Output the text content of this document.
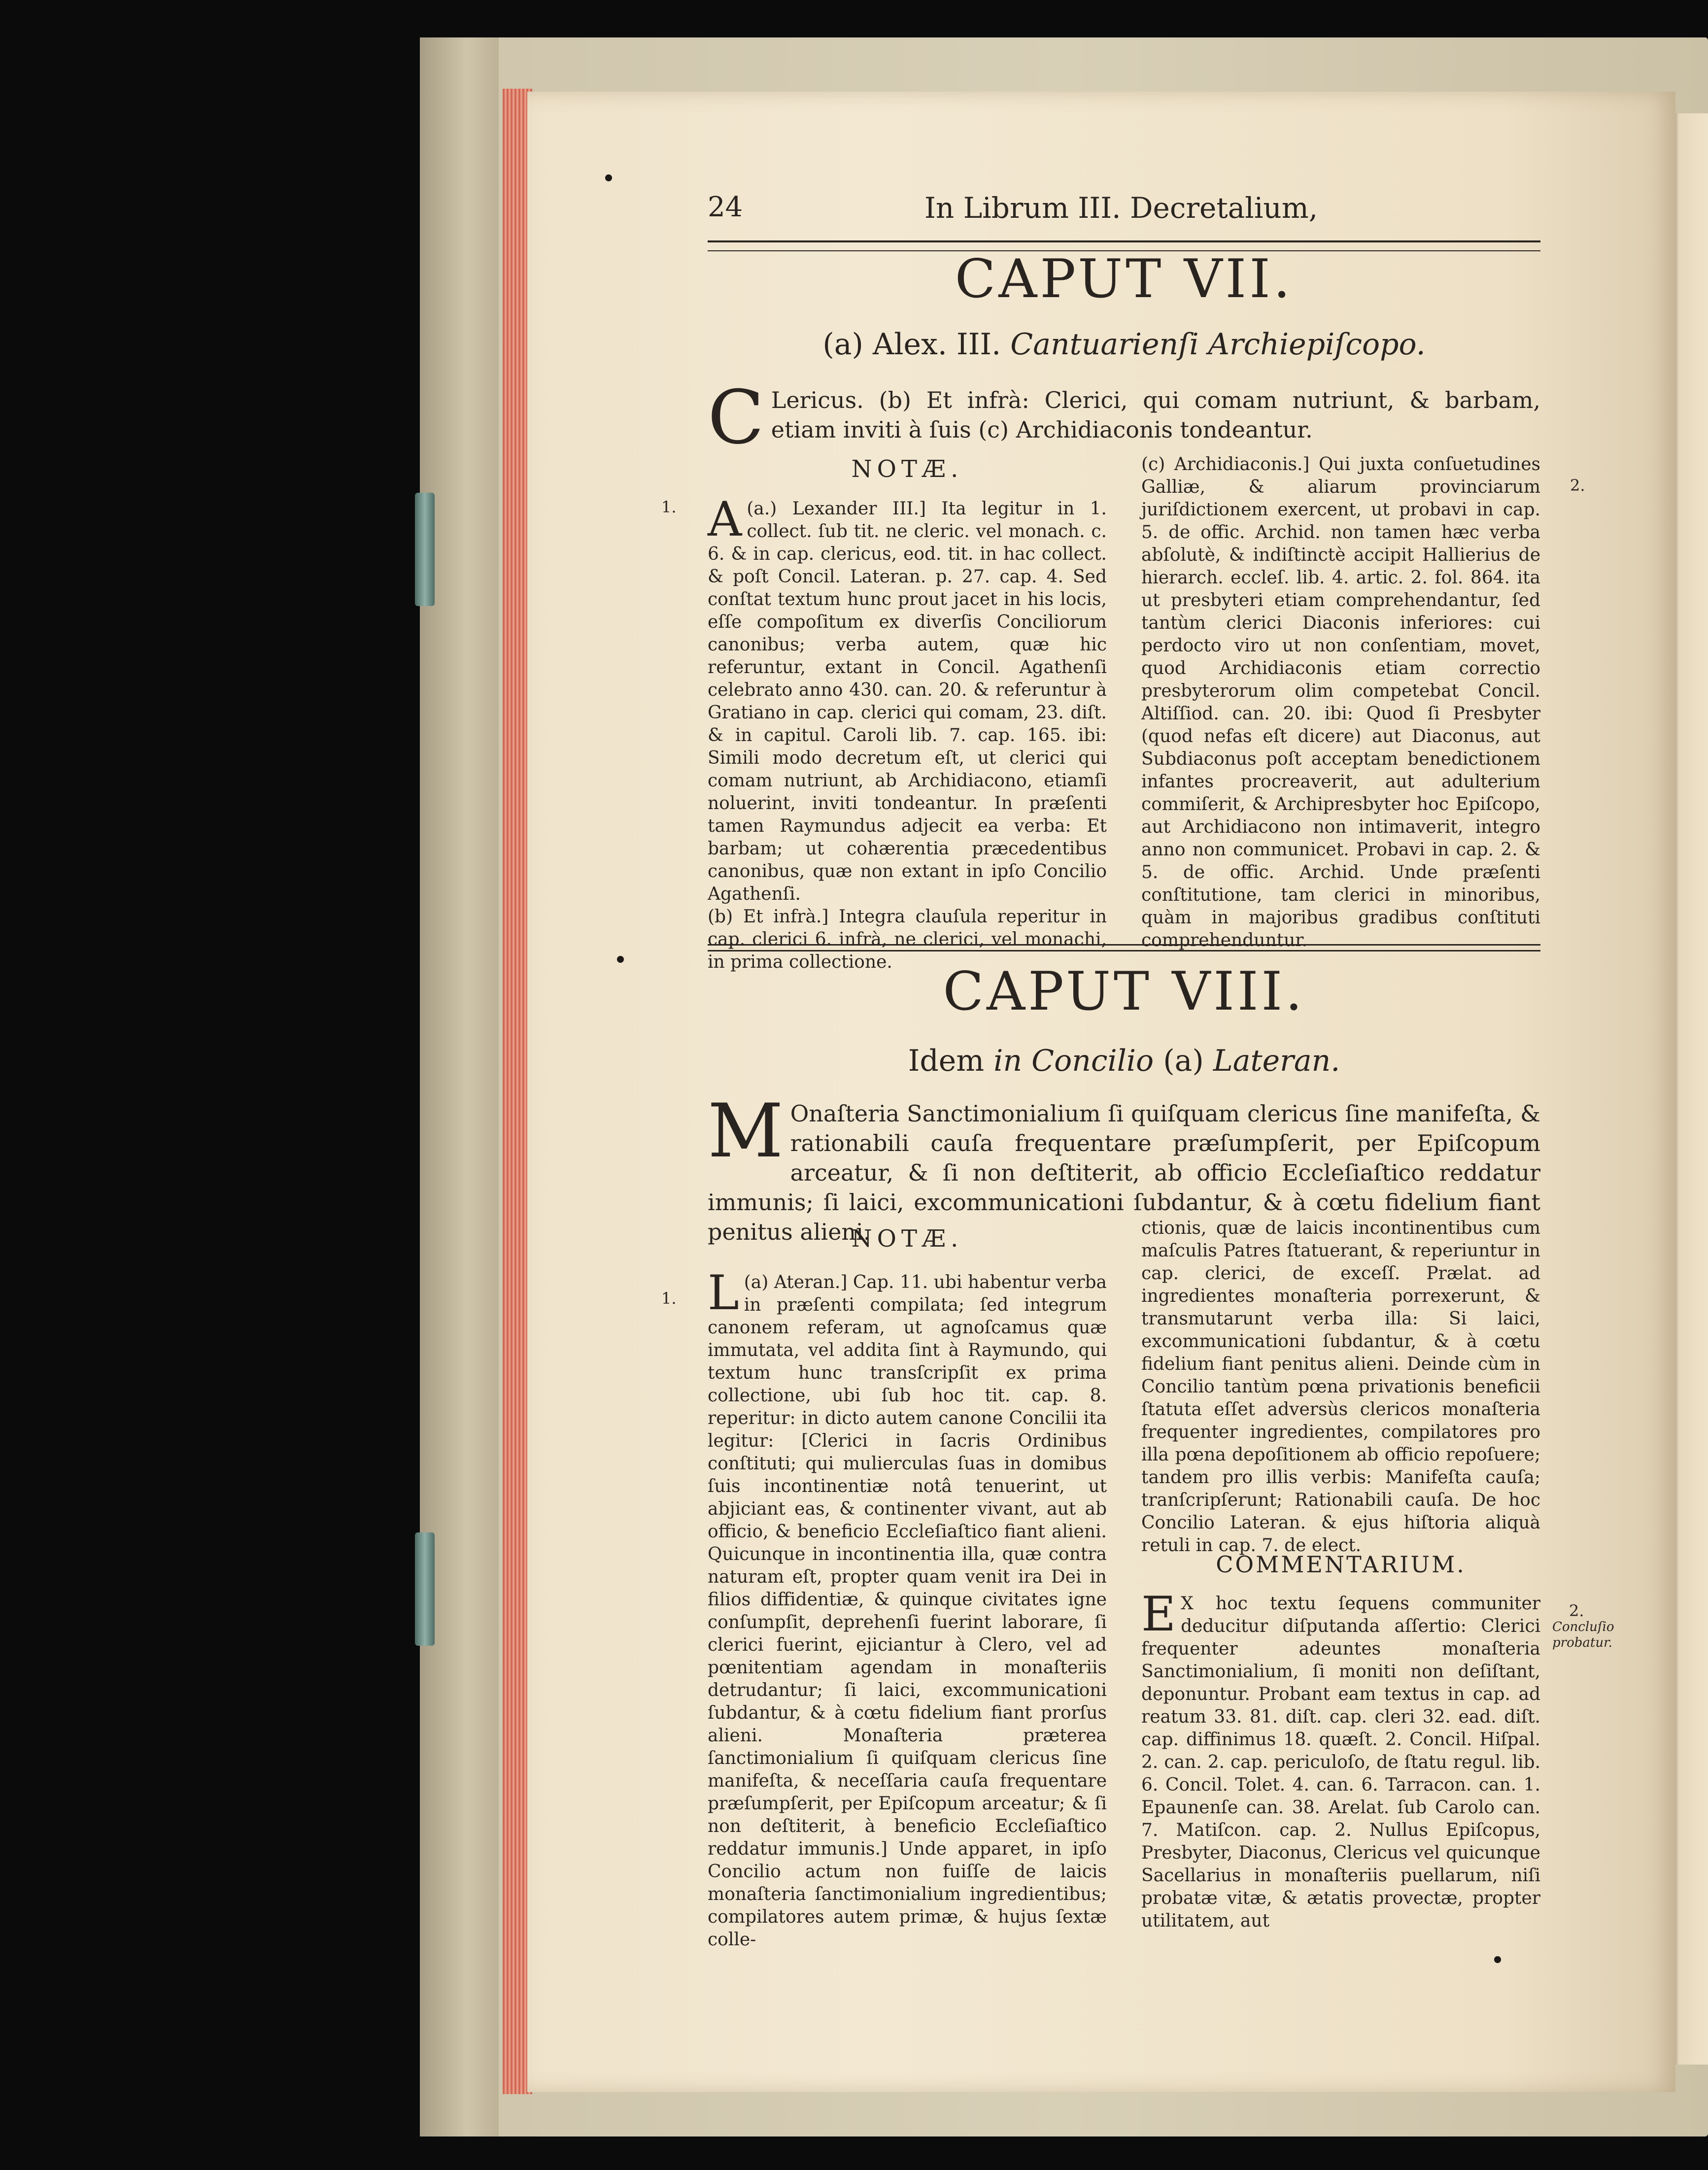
24	In Librum III. Decretalium,
CAPUT VII.
(a) Alex. III. Cantuarienſi Archiepiſcopo.
C Lericus. (b) Et infrà: Clerici, qui comam nutriunt, & barbam, etiam inviti à ſuis (c) Archidiaconis tondeantur.
NOTÆ.
1.
2.

(a.)
A	Lexander III.] Ita legitur in 1. collect. ſub tit. ne cleric. vel monach. c. 6. & in cap. clericus, eod. tit. in hac collect. & poſt Concil. Lateran. p. 27. cap. 4. Sed conſtat textum hunc prout jacet in his locis, eſſe compoſitum ex diverſis Conciliorum canonibus; verba autem, quæ hic referuntur, extant in Concil. Agathenſi celebrato anno 430. can. 20. & referuntur à Gratiano in cap. clerici qui comam, 23. diſt. & in capitul. Caroli lib. 7. cap. 165. ibi: Simili modo decretum eſt, ut clerici qui comam nutriunt, ab Archidiacono, etiamſi noluerint, inviti tondeantur. In præſenti tamen Raymundus adjecit ea verba: Et barbam; ut cohærentia præcedentibus canonibus, quæ non extant in ipſo Concilio Agathenſi.

(b) Et infrà.] Integra clauſula reperitur in cap. clerici 6. infrà, ne clerici, vel monachi, in prima collectione.

(c) Archidiaconis.] Qui juxta conſuetudines Galliæ, & aliarum provinciarum juriſdictionem exercent, ut probavi in cap. 5. de offic. Archid. non tamen hæc verba abſolutè, & indiſtinctè accipit Hallierius de hierarch. eccleſ. lib. 4. artic. 2. fol. 864. ita ut presbyteri etiam comprehendantur, ſed tantùm clerici Diaconis inferiores: cui perdocto viro ut non conſentiam, movet, quod Archidiaconis etiam correctio presbyterorum olim competebat Concil. Altiſſiod. can. 20. ibi: Quod ſi Presbyter (quod nefas eſt dicere) aut Diaconus, aut Subdiaconus poſt acceptam benedictionem infantes procreaverit, aut adulterium commiſerit, & Archipresbyter hoc Epiſcopo, aut Archidiacono non intimaverit, integro anno non communicet. Probavi in cap. 2. & 5. de offic. Archid. Unde præſenti conſtitutione, tam clerici in minoribus, quàm in majoribus gradibus conſtituti comprehenduntur.

CAPUT VIII.
Idem in Concilio (a) Lateran.
M Onaſteria Sanctimonialium ſi quiſquam clericus ſine manifeſta, & rationabili cauſa frequentare præſumpſerit, per Epiſcopum arceatur, & ſi non deſtiterit, ab officio Eccleſiaſtico reddatur immunis; ſi laici, excommunicationi ſubdantur, & à cœtu fidelium fiant penitus alieni.
NOTÆ.
1.

(a)
L Ateran.] Cap. 11. ubi habentur verba in præſenti compilata; ſed integrum canonem referam, ut agnoſcamus quæ immutata, vel addita ſint à Raymundo, qui textum hunc transſcripſit ex prima collectione, ubi ſub hoc tit. cap. 8. reperitur: in dicto autem canone Concilii ita legitur: [Clerici in ſacris Ordinibus conſtituti; qui mulierculas ſuas in domibus ſuis incontinentiæ notâ tenuerint, ut abjiciant eas, & continenter vivant, aut ab officio, & beneficio Eccleſiaſtico fiant alieni. Quicunque in incontinentia illa, quæ contra naturam eſt, propter quam venit ira Dei in filios diffidentiæ, & quinque civitates igne conſumpſit, deprehenſi fuerint laborare, ſi clerici fuerint, ejiciantur à Clero, vel ad pœnitentiam agendam in monaſteriis detrudantur; ſi laici, excommunicationi ſubdantur, & à cœtu fidelium fiant prorſus alieni. Monaſteria præterea ſanctimonialium ſi quiſquam clericus ſine manifeſta, & neceſſaria cauſa frequentare præſumpſerit, per Epiſcopum arceatur; & ſi non deſtiterit, à beneficio Eccleſiaſtico reddatur immunis.] Unde apparet, in ipſo Concilio actum non fuiſſe de laicis monaſteria ſanctimonialium ingredientibus; compilatores autem primæ, & hujus ſextæ colle-

ctionis, quæ de laicis incontinentibus cum maſculis Patres ſtatuerant, & reperiuntur in cap. clerici, de exceſſ. Prælat. ad ingredientes monaſteria porrexerunt, & transmutarunt verba illa: Si laici, excommunicationi ſubdantur, & à cœtu fidelium fiant penitus alieni. Deinde cùm in Concilio tantùm pœna privationis beneficii ſtatuta eſſet adversùs clericos monaſteria frequenter ingredientes, compilatores pro illa pœna depoſitionem ab officio repoſuere; tandem pro illis verbis: Manifeſta cauſa; tranſcripſerunt; Rationabili cauſa. De hoc Concilio Lateran. & ejus hiſtoria aliquà retuli in cap. 7. de elect.

COMMENTARIUM.

E X hoc textu ſequens communiter deducitur diſputanda aſſertio: Clerici frequenter adeuntes monaſteria Sanctimonialium, ſi moniti non deſiſtant, deponuntur. Probant eam textus in cap. ad reatum 33. 81. diſt. cap. cleri 32. ead. diſt. cap. diffinimus 18. quæſt. 2. Concil. Hiſpal. 2. can. 2. cap. periculoſo, de ſtatu regul. lib. 6. Concil. Tolet. 4. can. 6. Tarracon. can. 1. Epaunenſe can. 38. Arelat. ſub Carolo can. 7. Matiſcon. cap. 2. Nullus Epiſcopus, Presbyter, Diaconus, Clericus vel quicunque Sacellarius in monaſteriis puellarum, niſi probatæ vitæ, & ætatis provectæ, propter utilitatem, aut

2.
Concluſio probatur.
